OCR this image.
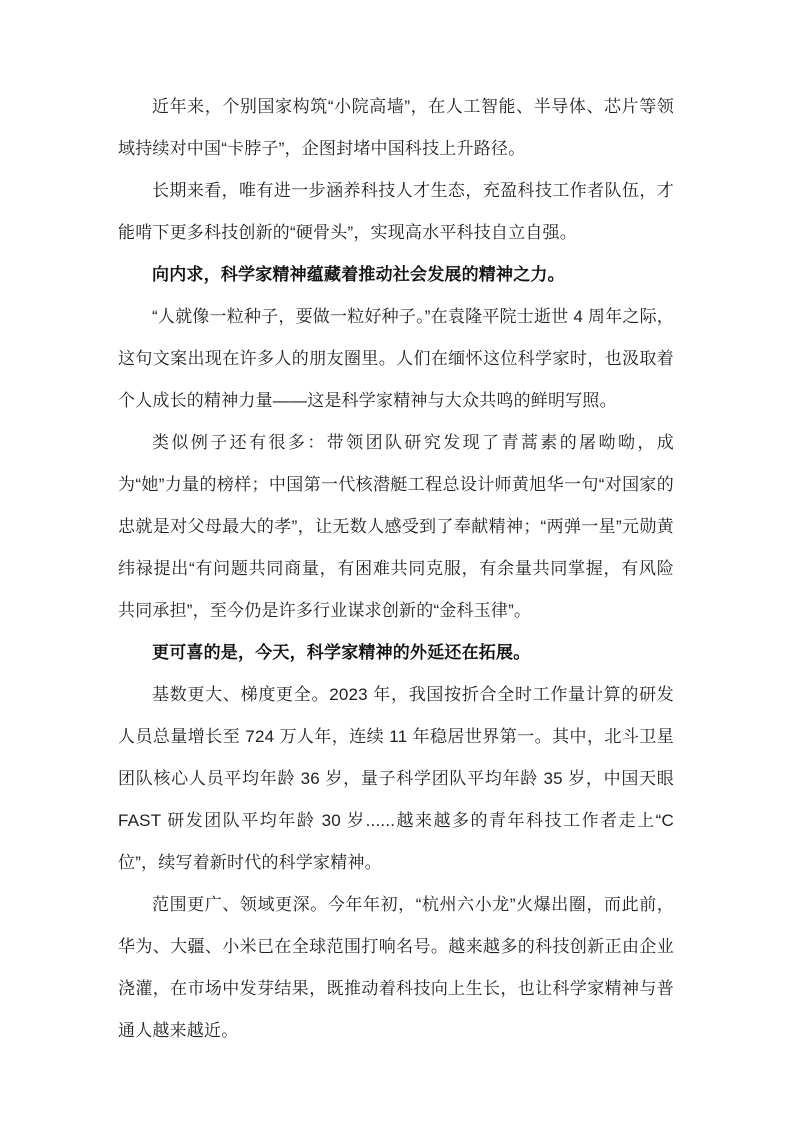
近年来，个别国家构筑“小院高墙”，在人工智能、半导体、芯片等领域持续对中国“卡脖子”，企图封堵中国科技上升路径。

长期来看，唯有进一步涵养科技人才生态，充盈科技工作者队伍，才能啃下更多科技创新的“硬骨头”，实现高水平科技自立自强。

向内求，科学家精神蕴藏着推动社会发展的精神之力。

“人就像一粒种子，要做一粒好种子。”在袁隆平院士逝世 4 周年之际，这句文案出现在许多人的朋友圈里。人们在缅怀这位科学家时，也汲取着个人成长的精神力量——这是科学家精神与大众共鸣的鲜明写照。

类似例子还有很多：带领团队研究发现了青蒿素的屠呦呦，成为“她”力量的榜样；中国第一代核潜艇工程总设计师黄旭华一句“对国家的忠就是对父母最大的孝”，让无数人感受到了奉献精神；“两弹一星”元勋黄纬禄提出“有问题共同商量，有困难共同克服，有余量共同掌握，有风险共同承担”，至今仍是许多行业谋求创新的“金科玉律”。

更可喜的是，今天，科学家精神的外延还在拓展。

基数更大、梯度更全。2023 年，我国按折合全时工作量计算的研发人员总量增长至 724 万人年，连续 11 年稳居世界第一。其中，北斗卫星团队核心人员平均年龄 36 岁，量子科学团队平均年龄 35 岁，中国天眼 FAST 研发团队平均年龄 30 岁......越来越多的青年科技工作者走上“C 位”，续写着新时代的科学家精神。

范围更广、领域更深。今年年初，“杭州六小龙”火爆出圈，而此前，华为、大疆、小米已在全球范围打响名号。越来越多的科技创新正由企业浇灌，在市场中发芽结果，既推动着科技向上生长，也让科学家精神与普通人越来越近。
